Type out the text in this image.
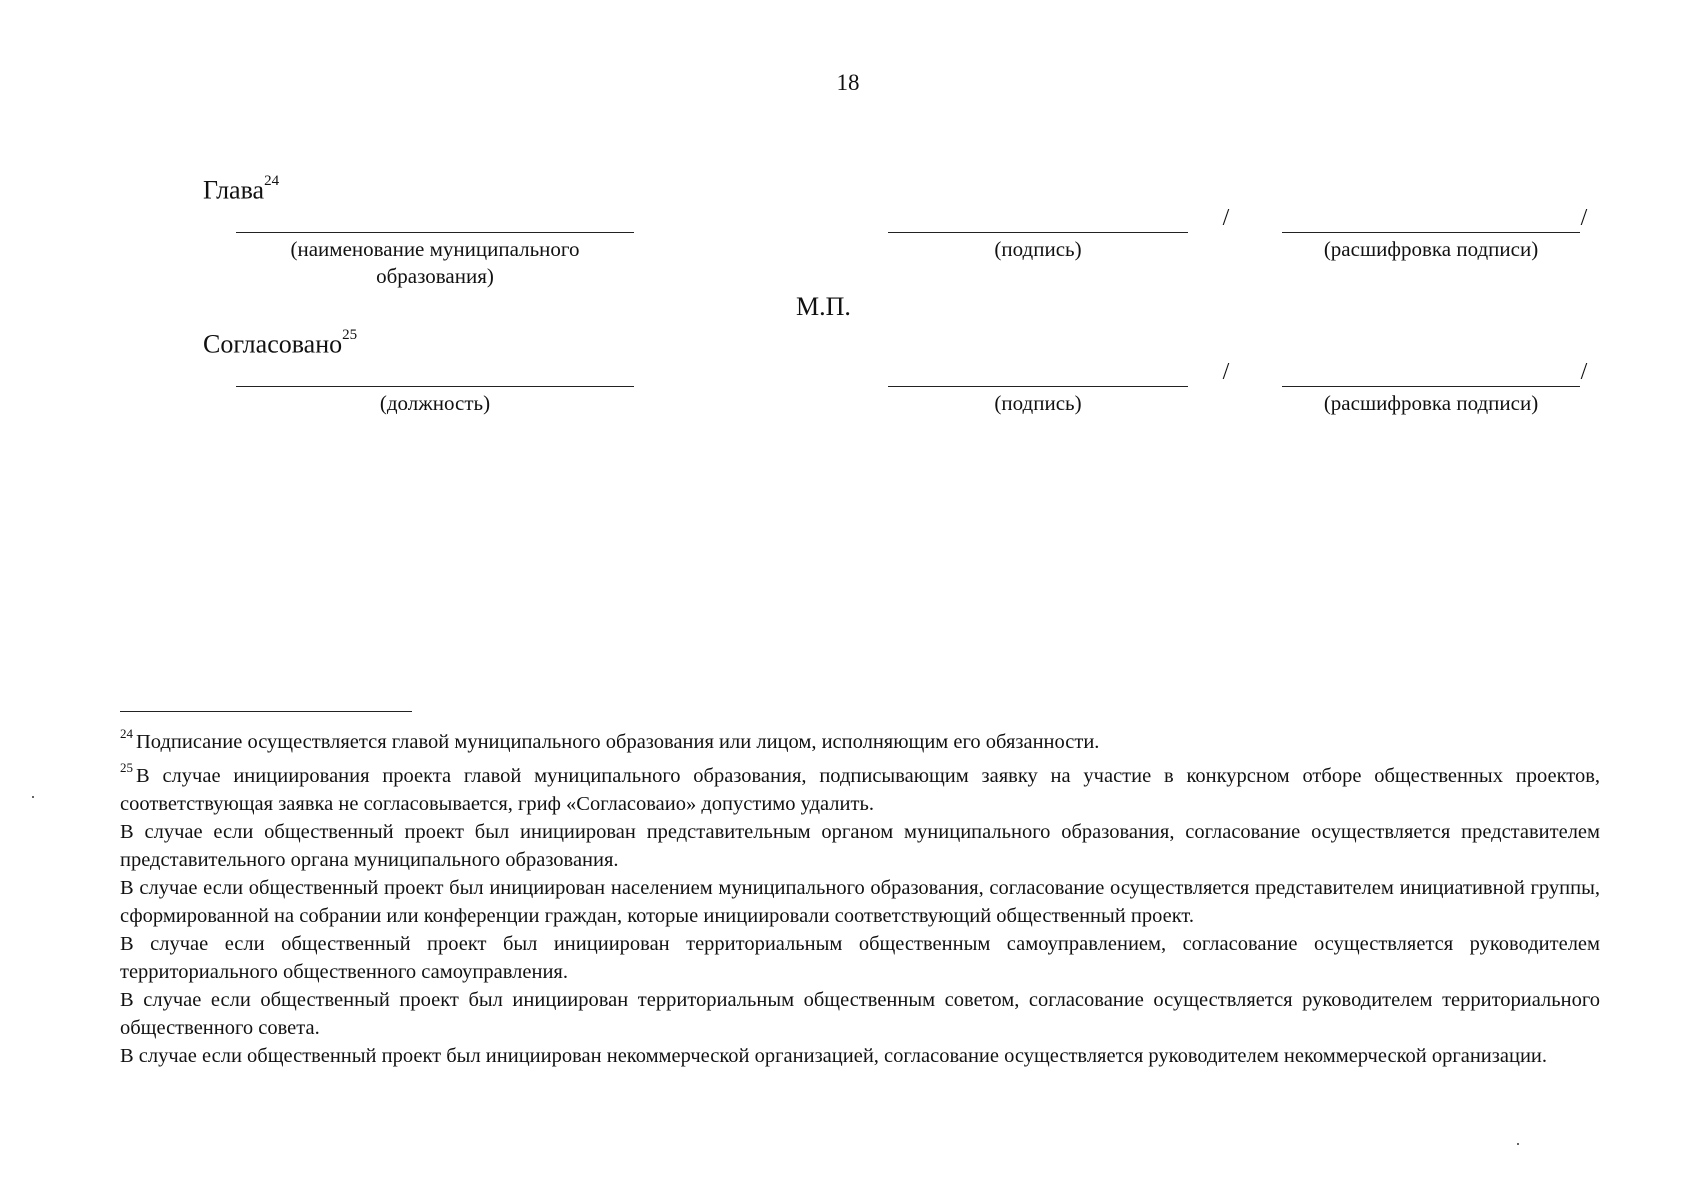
18
Глава$^{24}$
(наименование муниципального
образования)
(подпись)
/
(расшифровка подписи)
/
М.П.
Согласовано$^{25}$
(должность)	(подпись)
/
(расшифровка подписи)
/

$^{24}$ Подписание осуществляется главой муниципального образования или лицом, исполняющим его обязанности.

$^{25}$ В случае инициирования проекта главой муниципального образования, подписывающим заявку на участие в конкурсном отборе общественных проектов, соответствующая заявка не согласовывается, гриф «Согласоваио» допустимо удалить.

В случае если общественный проект был инициирован представительным органом муниципального образования, согласование осуществляется представителем представительного органа муниципального образования.

В случае если общественный проект был инициирован населением муниципального образования, согласование осуществляется представителем инициативной группы, сформированной на собрании или конференции граждан, которые инициировали соответствующий общественный проект.

В случае если общественный проект был инициирован территориальным общественным самоуправлением, согласование осуществляется руководителем территориального общественного самоуправления.

В случае если общественный проект был инициирован территориальным общественным советом, согласование осуществляется руководителем территориального общественного совета.

В случае если общественный проект был инициирован некоммерческой организацией, согласование осуществляется руководителем некоммерческой организации.
